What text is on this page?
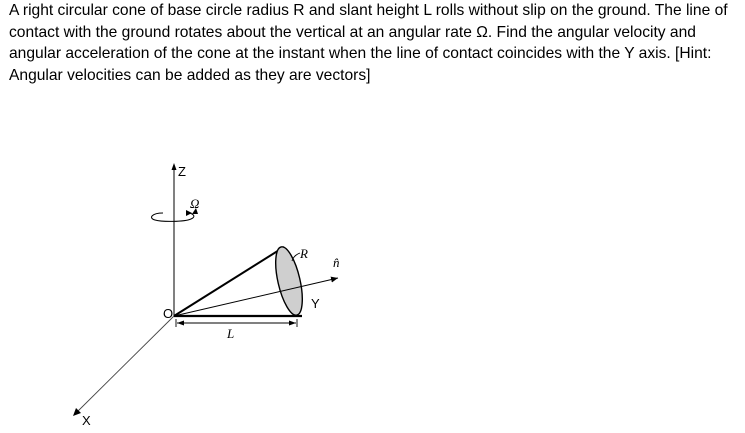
A right circular cone of base circle radius R and slant height L rolls without slip on the ground. The line of
contact with the ground rotates about the vertical at an angular rate Ω. Find the angular velocity and
angular acceleration of the cone at the instant when the line of contact coincides with the Y axis. [Hint:
Angular velocities can be added as they are vectors]
Z
Ω
R
n̂
Y
O
L
X
